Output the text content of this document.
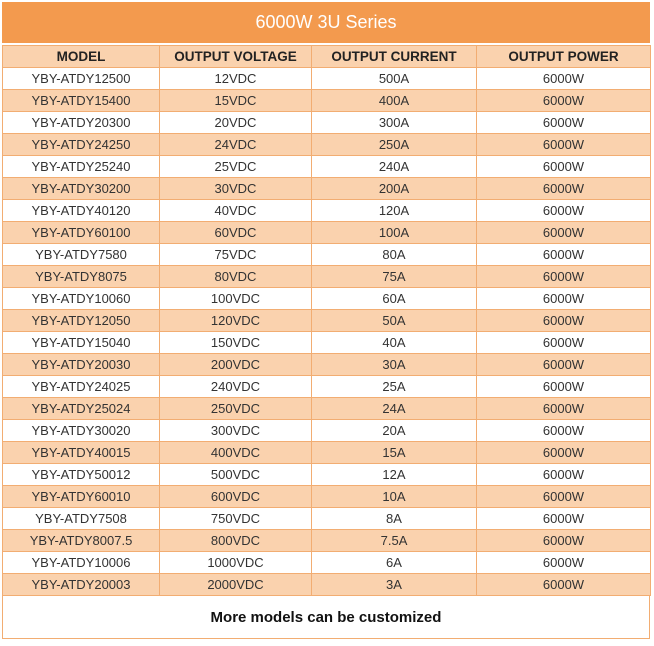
6000W 3U Series
MODEL	OUTPUT VOLTAGE	OUTPUT CURRENT	OUTPUT POWER
YBY-ATDY12500	12VDC	500A	6000W
YBY-ATDY15400	15VDC	400A	6000W
YBY-ATDY20300	20VDC	300A	6000W
YBY-ATDY24250	24VDC	250A	6000W
YBY-ATDY25240	25VDC	240A	6000W
YBY-ATDY30200	30VDC	200A	6000W
YBY-ATDY40120	40VDC	120A	6000W
YBY-ATDY60100	60VDC	100A	6000W
YBY-ATDY7580	75VDC	80A	6000W
YBY-ATDY8075	80VDC	75A	6000W
YBY-ATDY10060	100VDC	60A	6000W
YBY-ATDY12050	120VDC	50A	6000W
YBY-ATDY15040	150VDC	40A	6000W
YBY-ATDY20030	200VDC	30A	6000W
YBY-ATDY24025	240VDC	25A	6000W
YBY-ATDY25024	250VDC	24A	6000W
YBY-ATDY30020	300VDC	20A	6000W
YBY-ATDY40015	400VDC	15A	6000W
YBY-ATDY50012	500VDC	12A	6000W
YBY-ATDY60010	600VDC	10A	6000W
YBY-ATDY7508	750VDC	8A	6000W
YBY-ATDY8007.5	800VDC	7.5A	6000W
YBY-ATDY10006	1000VDC	6A	6000W
YBY-ATDY20003	2000VDC	3A	6000W
More models can be customized
